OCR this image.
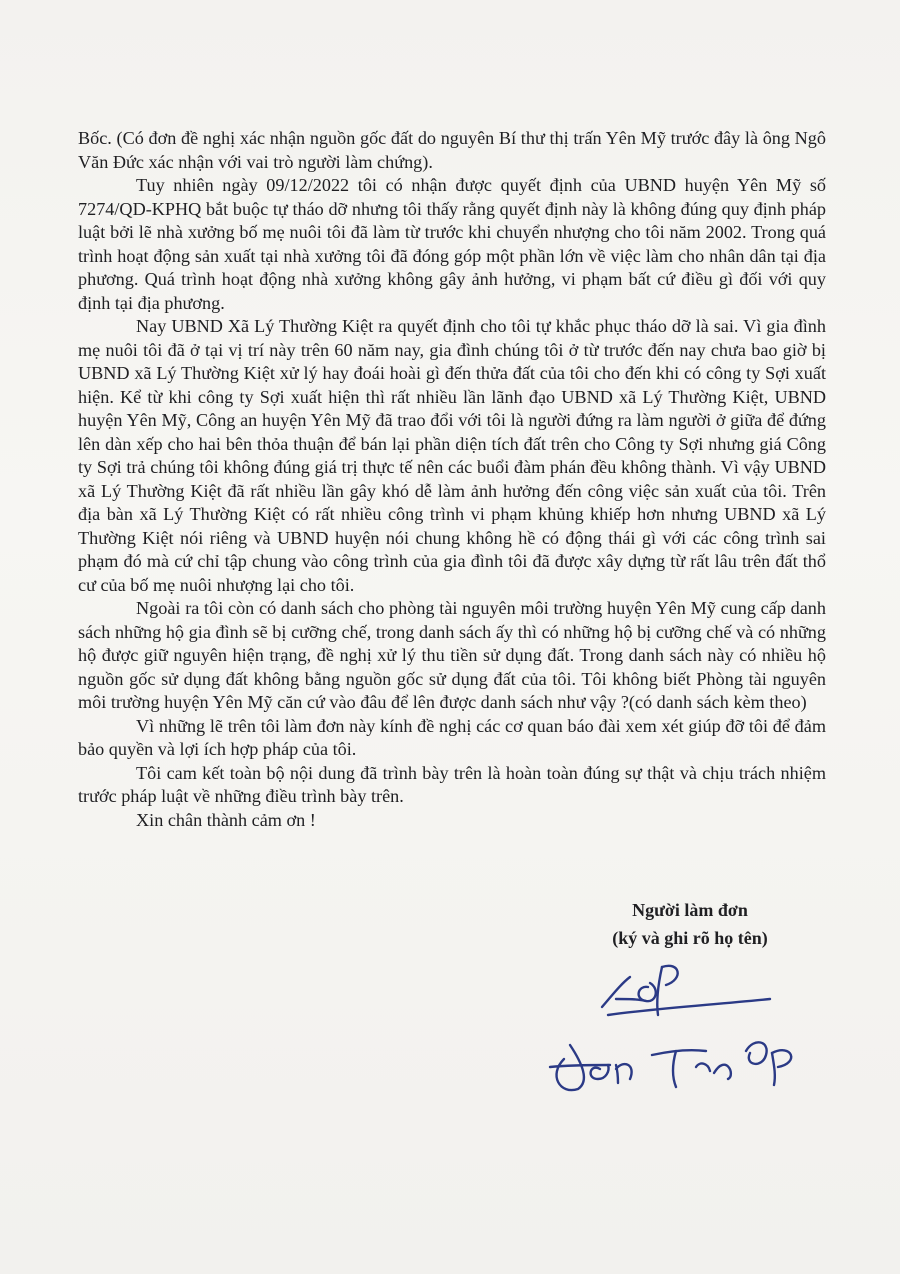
Bốc. (Có đơn đề nghị xác nhận nguồn gốc đất do nguyên Bí thư thị trấn Yên Mỹ trước đây là ông Ngô Văn Đức xác nhận với vai trò người làm chứng).

Tuy nhiên ngày 09/12/2022 tôi có nhận được quyết định của UBND huyện Yên Mỹ số 7274/QD-KPHQ bắt buộc tự tháo dỡ nhưng tôi thấy rằng quyết định này là không đúng quy định pháp luật bởi lẽ nhà xưởng bố mẹ nuôi tôi đã làm từ trước khi chuyển nhượng cho tôi năm 2002. Trong quá trình hoạt động sản xuất tại nhà xưởng tôi đã đóng góp một phần lớn về việc làm cho nhân dân tại địa phương. Quá trình hoạt động nhà xưởng không gây ảnh hưởng, vi phạm bất cứ điều gì đối với quy định tại địa phương.

Nay UBND Xã Lý Thường Kiệt ra quyết định cho tôi tự khắc phục tháo dỡ là sai. Vì gia đình mẹ nuôi tôi đã ở tại vị trí này trên 60 năm nay, gia đình chúng tôi ở từ trước đến nay chưa bao giờ bị UBND xã Lý Thường Kiệt xử lý hay đoái hoài gì đến thửa đất của tôi cho đến khi có công ty Sợi xuất hiện. Kể từ khi công ty Sợi xuất hiện thì rất nhiều lần lãnh đạo UBND xã Lý Thường Kiệt, UBND huyện Yên Mỹ, Công an huyện Yên Mỹ đã trao đổi với tôi là người đứng ra làm người ở giữa để đứng lên dàn xếp cho hai bên thỏa thuận để bán lại phần diện tích đất trên cho Công ty Sợi nhưng giá Công ty Sợi trả chúng tôi không đúng giá trị thực tế nên các buổi đàm phán đều không thành. Vì vậy UBND xã Lý Thường Kiệt đã rất nhiều lần gây khó dễ làm ảnh hưởng đến công việc sản xuất của tôi. Trên địa bàn xã Lý Thường Kiệt có rất nhiều công trình vi phạm khủng khiếp hơn nhưng UBND xã Lý Thường Kiệt nói riêng và UBND huyện nói chung không hề có động thái gì với các công trình sai phạm đó mà cứ chỉ tập chung vào công trình của gia đình tôi đã được xây dựng từ rất lâu trên đất thổ cư của bố mẹ nuôi nhượng lại cho tôi.

Ngoài ra tôi còn có danh sách cho phòng tài nguyên môi trường huyện Yên Mỹ cung cấp danh sách những hộ gia đình sẽ bị cưỡng chế, trong danh sách ấy thì có những hộ bị cưỡng chế và có những hộ được giữ nguyên hiện trạng, đề nghị xử lý thu tiền sử dụng đất. Trong danh sách này có nhiều hộ nguồn gốc sử dụng đất không bằng nguồn gốc sử dụng đất của tôi. Tôi không biết Phòng tài nguyên môi trường huyện Yên Mỹ căn cứ vào đâu để lên được danh sách như vậy ?(có danh sách kèm theo)

Vì những lẽ trên tôi làm đơn này kính đề nghị các cơ quan báo đài xem xét giúp đỡ tôi để đảm bảo quyền và lợi ích hợp pháp của tôi.

Tôi cam kết toàn bộ nội dung đã trình bày trên là hoàn toàn đúng sự thật và chịu trách nhiệm trước pháp luật về những điều trình bày trên.

Xin chân thành cảm ơn !

Người làm đơn
(ký và ghi rõ họ tên)
